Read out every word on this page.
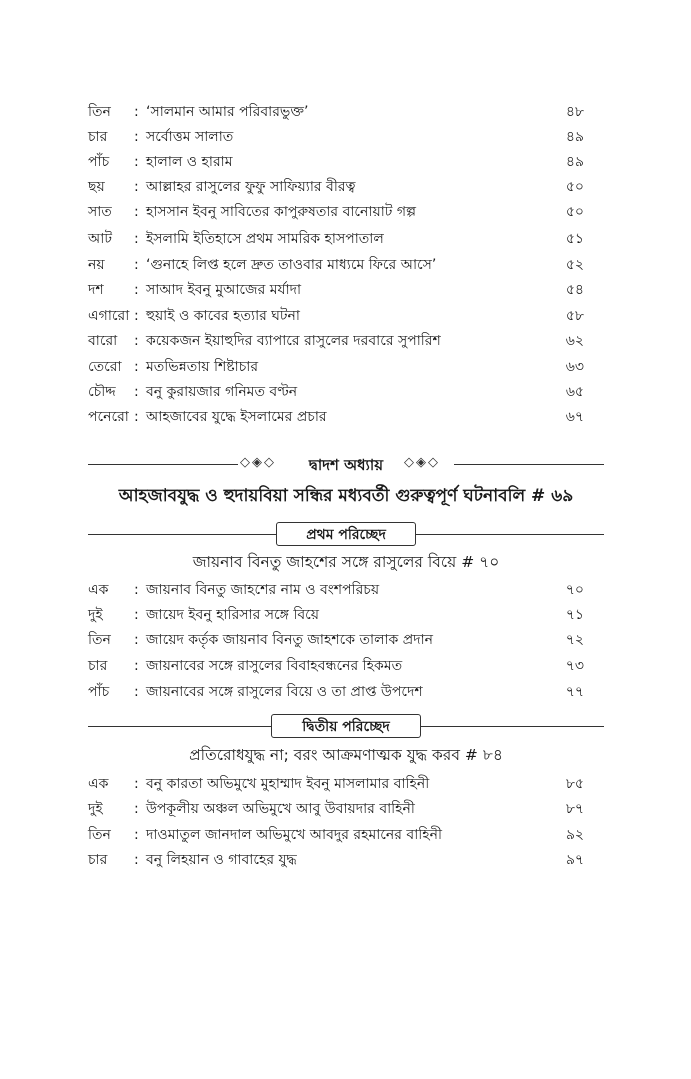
তিন	: ‘সালমান আমার পরিবারভুক্ত’	৪৮
চার	: সর্বোত্তম সালাত	৪৯
পাঁচ	: হালাল ও হারাম	৪৯
ছয়	: আল্লাহর রাসুলের ফুফু সাফিয়্যার বীরত্ব	৫০
সাত	: হাসসান ইবনু সাবিতের কাপুরুষতার বানোয়াট গল্প	৫০
আট	: ইসলামি ইতিহাসে প্রথম সামরিক হাসপাতাল	৫১
নয়	: ‘গুনাহে লিপ্ত হলে দ্রুত তাওবার মাধ্যমে ফিরে আসে’	৫২
দশ	: সাআদ ইবনু মুআজের মর্যাদা	৫৪
এগারো : হুয়াই ও কাবের হত্যার ঘটনা	৫৮
বারো	: কয়েকজন ইয়াহুদির ব্যাপারে রাসুলের দরবারে সুপারিশ	৬২
তেরো : মতভিন্নতায় শিষ্টাচার	৬৩
চৌদ্দ	: বনু কুরায়জার গনিমত বণ্টন	৬৫
পনেরো : আহজাবের যুদ্ধে ইসলামের প্রচার	৬৭
◇◈◇	◇◈◇
দ্বাদশ অধ্যায়
আহজাবযুদ্ধ ও হুদায়বিয়া সন্ধির মধ্যবর্তী গুরুত্বপূর্ণ ঘটনাবলি # ৬৯
প্রথম পরিচ্ছেদ
জায়নাব বিনতু জাহশের সঙ্গে রাসুলের বিয়ে # ৭০
এক	: জায়নাব বিনতু জাহশের নাম ও বংশপরিচয়	৭০
দুই	: জায়েদ ইবনু হারিসার সঙ্গে বিয়ে	৭১
তিন	: জায়েদ কর্তৃক জায়নাব বিনতু জাহশকে তালাক প্রদান	৭২
চার	: জায়নাবের সঙ্গে রাসুলের বিবাহবন্ধনের হিকমত	৭৩
পাঁচ	: জায়নাবের সঙ্গে রাসুলের বিয়ে ও তা প্রাপ্ত উপদেশ	৭৭
দ্বিতীয় পরিচ্ছেদ
প্রতিরোধযুদ্ধ না; বরং আক্রমণাত্মক যুদ্ধ করব # ৮৪
এক	: বনু কারতা অভিমুখে মুহাম্মাদ ইবনু মাসলামার বাহিনী	৮৫
দুই	: উপকূলীয় অঞ্চল অভিমুখে আবু উবায়দার বাহিনী	৮৭
তিন	: দাওমাতুল জানদাল অভিমুখে আবদুর রহমানের বাহিনী	৯২
চার	: বনু লিহয়ান ও গাবাহের যুদ্ধ	৯৭
